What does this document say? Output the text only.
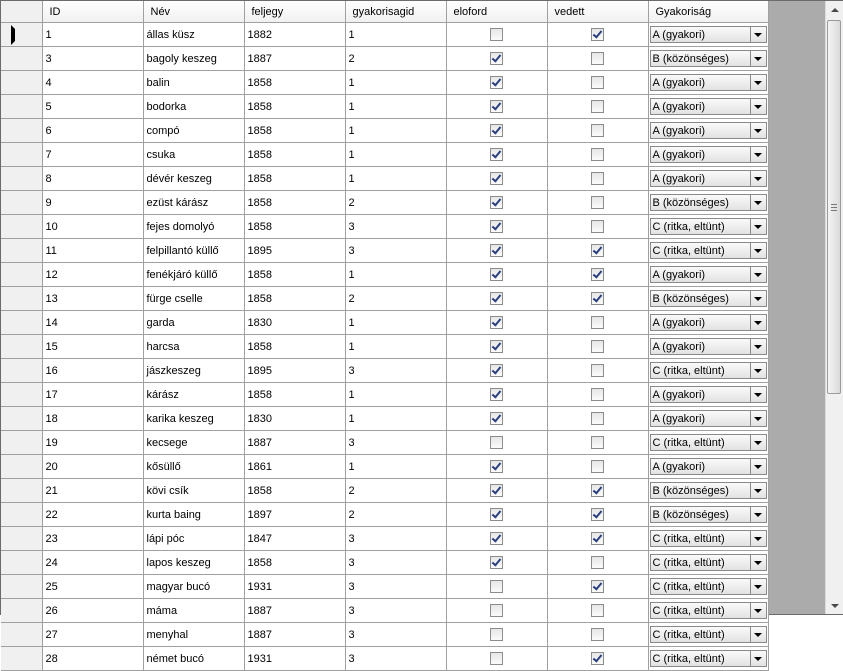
	ID	Név	feljegy	gyakorisagid	eloford	vedett	Gyakoriság
	1	állas küsz	1882	1			A (gyakori)

	3	bagoly keszeg	1887	2			B (közönséges)

	4	balin	1858	1			A (gyakori)

	5	bodorka	1858	1			A (gyakori)

	6	compó	1858	1			A (gyakori)

	7	csuka	1858	1			A (gyakori)

	8	dévér keszeg	1858	1			A (gyakori)

	9	ezüst kárász	1858	2			B (közönséges)

	10	fejes domolyó	1858	3			C (ritka, eltünt)

	11	felpillantó küllő	1895	3			C (ritka, eltünt)

	12	fenékjáró küllő	1858	1			A (gyakori)

	13	fürge cselle	1858	2			B (közönséges)

	14	garda	1830	1			A (gyakori)

	15	harcsa	1858	1			A (gyakori)

	16	jászkeszeg	1895	3			C (ritka, eltünt)

	17	kárász	1858	1			A (gyakori)

	18	karika keszeg	1830	1			A (gyakori)

	19	kecsege	1887	3			C (ritka, eltünt)

	20	kősüllő	1861	1			A (gyakori)

	21	kövi csík	1858	2			B (közönséges)

	22	kurta baing	1897	2			B (közönséges)

	23	lápi póc	1847	3			C (ritka, eltünt)

	24	lapos keszeg	1858	3			C (ritka, eltünt)

	25	magyar bucó	1931	3			C (ritka, eltünt)

	26	máma	1887	3			C (ritka, eltünt)

	27	menyhal	1887	3			C (ritka, eltünt)

	28	német bucó	1931	3			C (ritka, eltünt)
